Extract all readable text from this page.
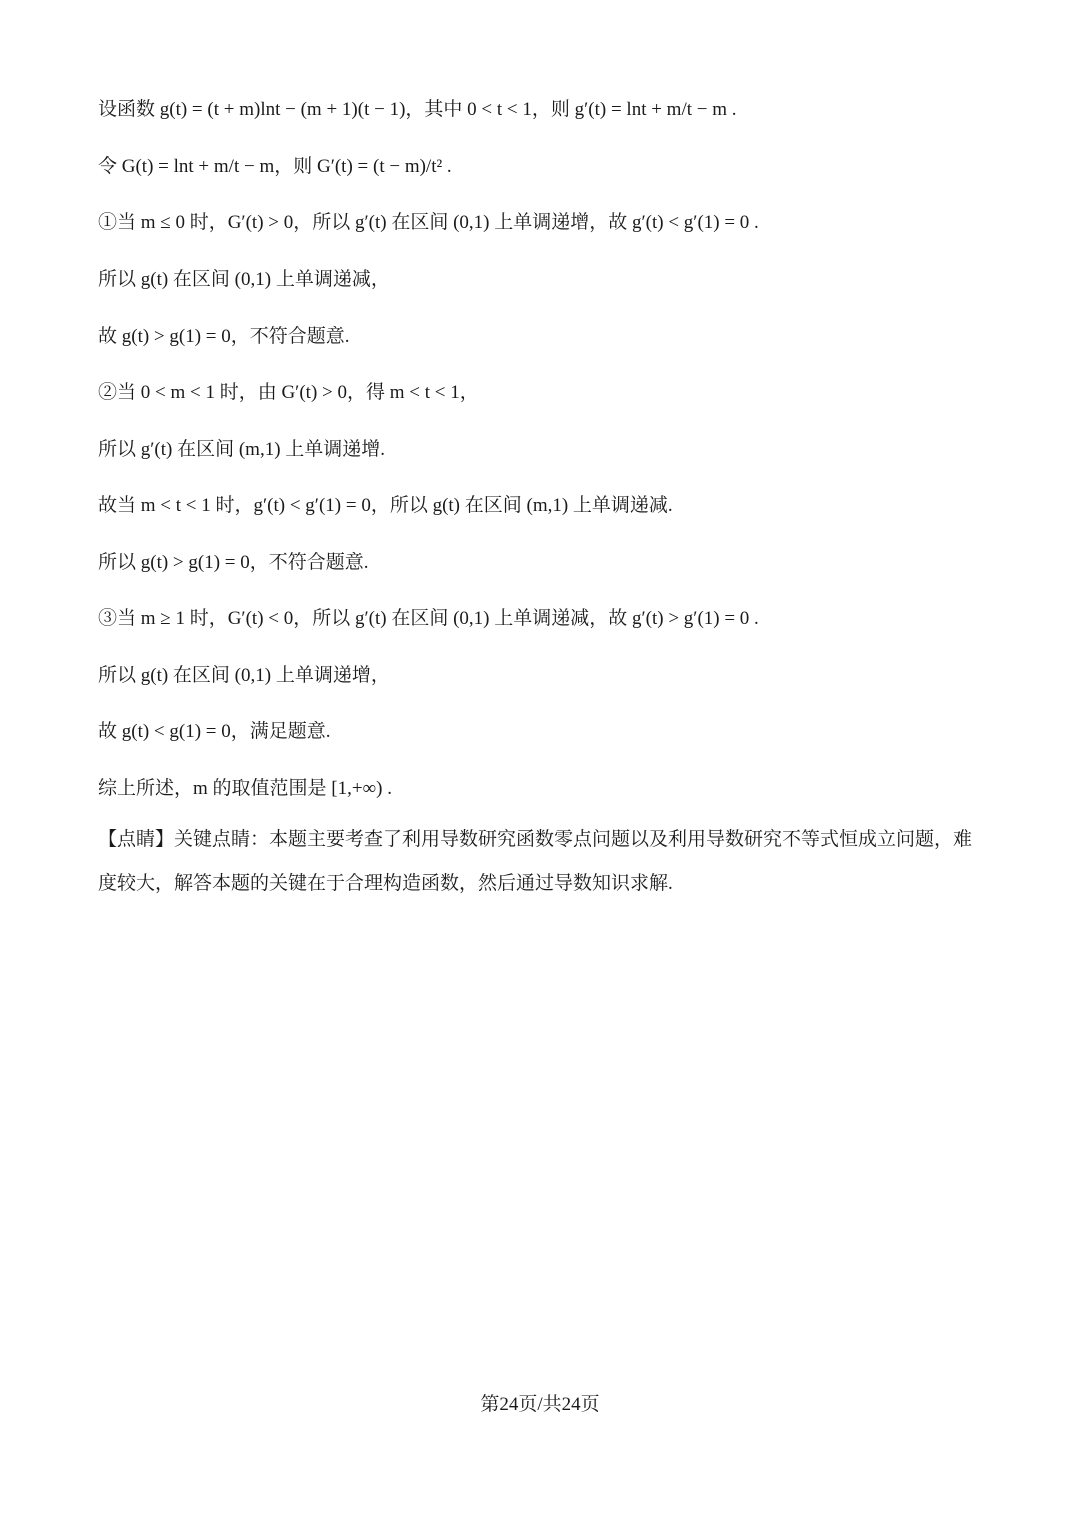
设函数 g(t) = (t + m)lnt − (m + 1)(t − 1)，其中 0 < t < 1，则 g′(t) = lnt + m/t − m .
令 G(t) = lnt + m/t − m，则 G′(t) = (t − m)/t² .
①当 m ≤ 0 时，G′(t) > 0，所以 g′(t) 在区间 (0,1) 上单调递增，故 g′(t) < g′(1) = 0 .
所以 g(t) 在区间 (0,1) 上单调递减，
故 g(t) > g(1) = 0，不符合题意.
②当 0 < m < 1 时，由 G′(t) > 0，得 m < t < 1，
所以 g′(t) 在区间 (m,1) 上单调递增.
故当 m < t < 1 时，g′(t) < g′(1) = 0，所以 g(t) 在区间 (m,1) 上单调递减.
所以 g(t) > g(1) = 0，不符合题意.
③当 m ≥ 1 时，G′(t) < 0，所以 g′(t) 在区间 (0,1) 上单调递减，故 g′(t) > g′(1) = 0 .
所以 g(t) 在区间 (0,1) 上单调递增，
故 g(t) < g(1) = 0，满足题意.
综上所述，m 的取值范围是 [1,+∞) .
【点睛】关键点睛：本题主要考查了利用导数研究函数零点问题以及利用导数研究不等式恒成立问题，难度较大，解答本题的关键在于合理构造函数，然后通过导数知识求解.
第24页/共24页
